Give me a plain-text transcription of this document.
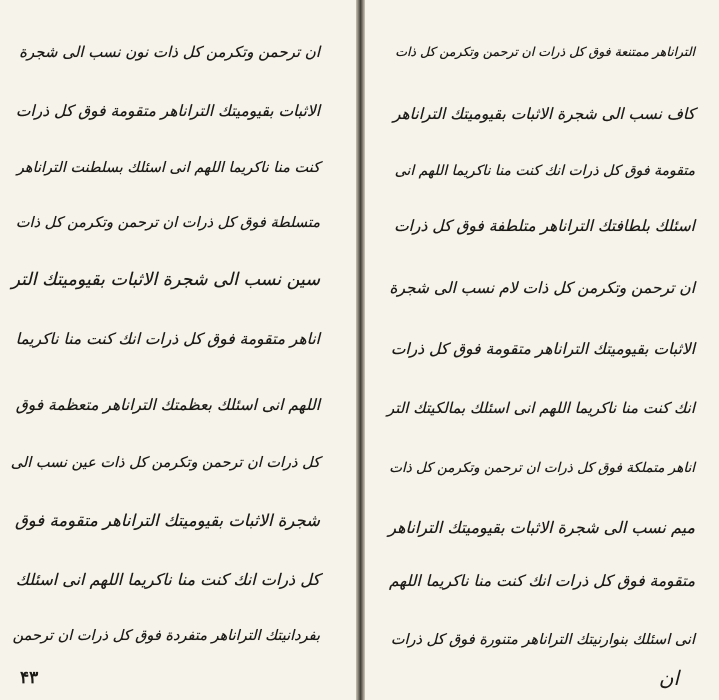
ان ترحمن وتكرمن كل ذات نون نسب الى شجرة
الاثبات بقيوميتك التراناهر متقومة فوق كل ذرات
كنت منا ناكريما اللهم انى اسئلك بسلطنت التراناهر
متسلطة فوق كل ذرات ان ترحمن وتكرمن كل ذات
سين نسب الى شجرة الاثبات بقيوميتك التر
اناهر متقومة فوق كل ذرات انك كنت منا ناكريما
اللهم انى اسئلك بعظمتك التراناهر متعظمة فوق
كل ذرات ان ترحمن وتكرمن كل ذات عين نسب الى
شجرة الاثبات بقيوميتك التراناهر متقومة فوق
كل ذرات انك كنت منا ناكريما اللهم انى اسئلك
بفردانيتك التراناهر متفردة فوق كل ذرات ان ترحمن
۴۳
التراناهر ممتنعة فوق كل ذرات ان ترحمن وتكرمن كل ذات
كاف نسب الى شجرة الاثبات بقيوميتك التراناهر
متقومة فوق كل ذرات انك كنت منا ناكريما اللهم انى
اسئلك بلطافتك التراناهر متلطفة فوق كل ذرات
ان ترحمن وتكرمن كل ذات لام نسب الى شجرة
الاثبات بقيوميتك التراناهر متقومة فوق كل ذرات
انك كنت منا ناكريما اللهم انى اسئلك بمالكيتك التر
اناهر متملكة فوق كل ذرات ان ترحمن وتكرمن كل ذات
ميم نسب الى شجرة الاثبات بقيوميتك التراناهر
متقومة فوق كل ذرات انك كنت منا ناكريما اللهم
انى اسئلك بنوارنيتك التراناهر متنورة فوق كل ذرات
ان
